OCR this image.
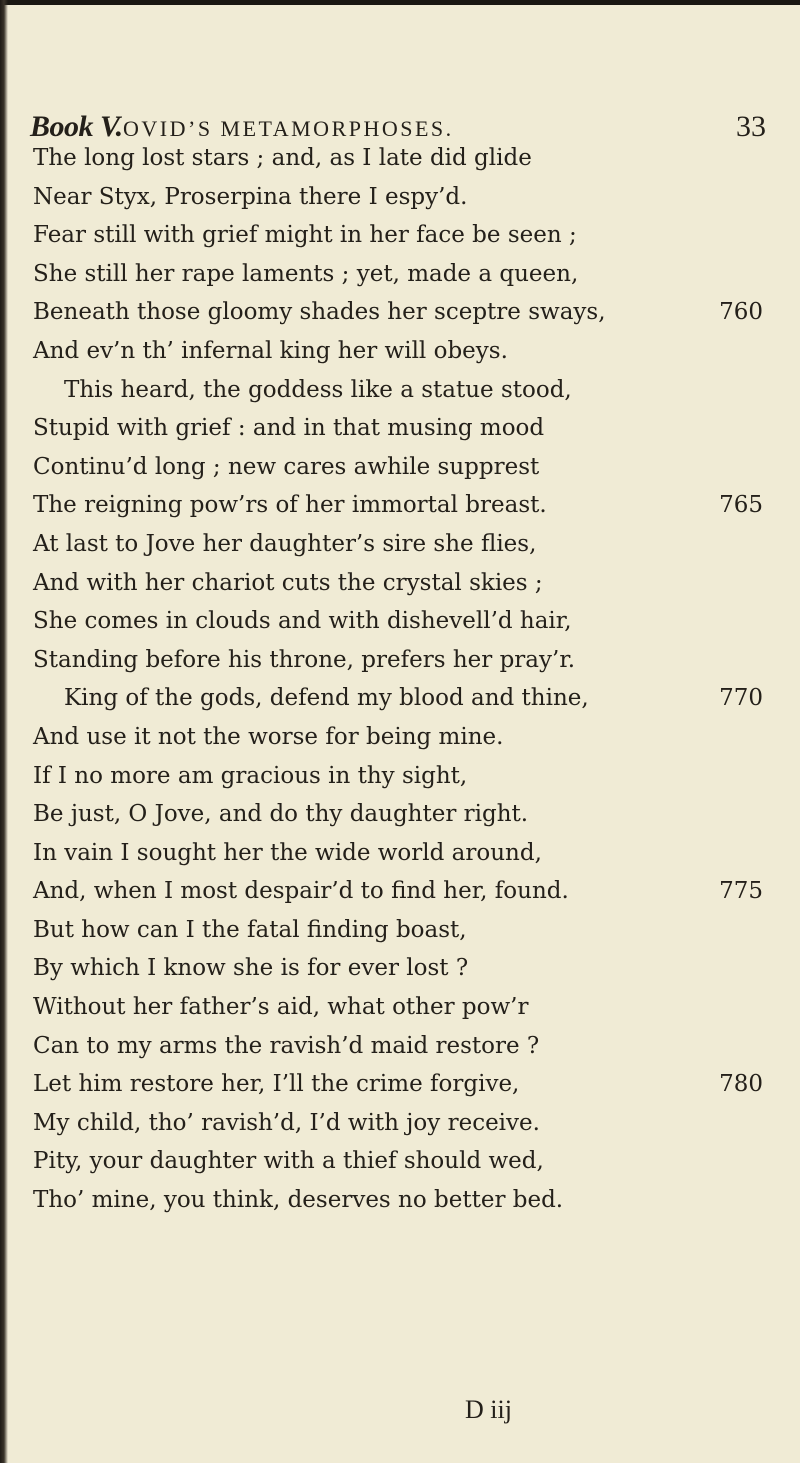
Book V. OVID’S METAMORPHOSES.	33
The long lost stars ; and, as I late did glide
Near Styx, Proserpina there I espy’d.
Fear still with grief might in her face be seen ;
She still her rape laments ; yet, made a queen,
Beneath those gloomy shades her sceptre sways,	760
And ev’n th’ infernal king her will obeys.
This heard, the goddess like a statue stood,
Stupid with grief : and in that musing mood
Continu’d long ; new cares awhile supprest
The reigning pow’rs of her immortal breast.	765
At last to Jove her daughter’s sire she flies,
And with her chariot cuts the crystal skies ;
She comes in clouds and with dishevell’d hair,
Standing before his throne, prefers her pray’r.
King of the gods, defend my blood and thine,	770
And use it not the worse for being mine.
If I no more am gracious in thy sight,
Be just, O Jove, and do thy daughter right.
In vain I sought her the wide world around,
And, when I most despair’d to find her, found.	775
But how can I the fatal finding boast,
By which I know she is for ever lost ?
Without her father’s aid, what other pow’r
Can to my arms the ravish’d maid restore ?
Let him restore her, I’ll the crime forgive,	780
My child, tho’ ravish’d, I’d with joy receive.
Pity, your daughter with a thief should wed,
Tho’ mine, you think, deserves no better bed.
D iij
